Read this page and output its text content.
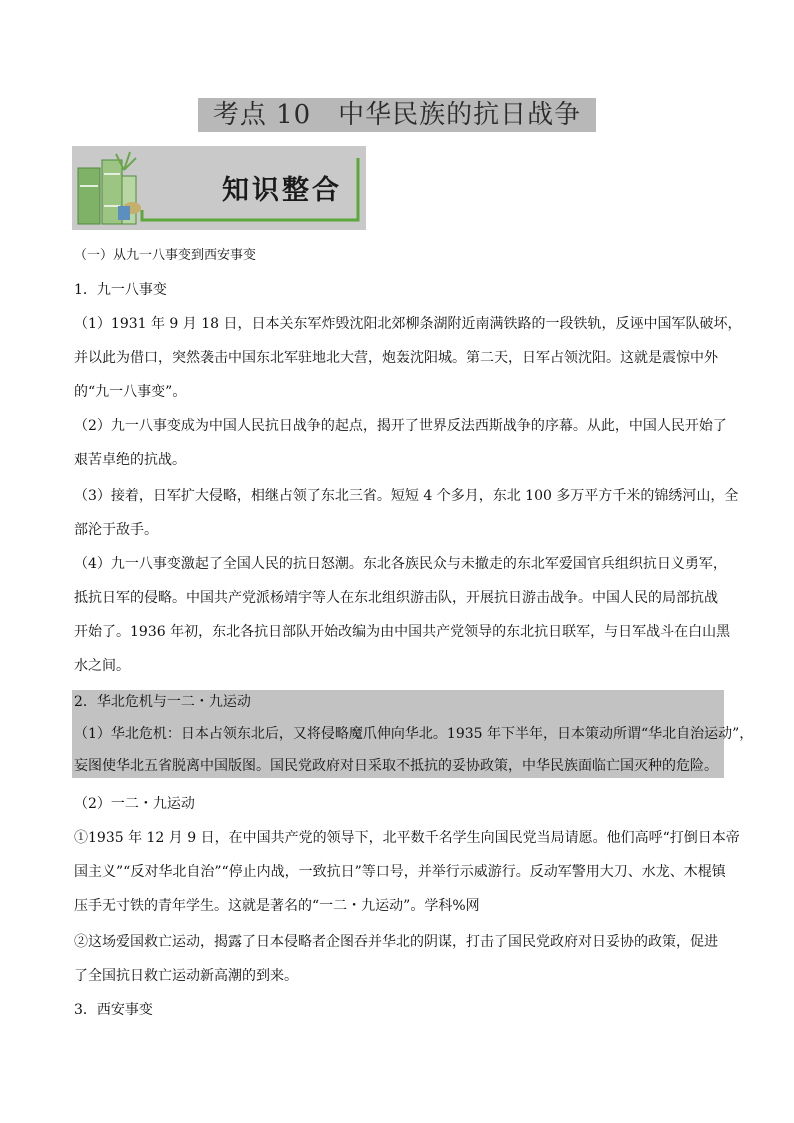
考点 10　中华民族的抗日战争
知识整合
（一）从九一八事变到西安事变
1．九一八事变
（1）1931 年 9 月 18 日，日本关东军炸毁沈阳北郊柳条湖附近南满铁路的一段铁轨，反诬中国军队破坏，
并以此为借口，突然袭击中国东北军驻地北大营，炮轰沈阳城。第二天，日军占领沈阳。这就是震惊中外
的“九一八事变”。
（2）九一八事变成为中国人民抗日战争的起点，揭开了世界反法西斯战争的序幕。从此，中国人民开始了
艰苦卓绝的抗战。
（3）接着，日军扩大侵略，相继占领了东北三省。短短 4 个多月，东北 100 多万平方千米的锦绣河山，全
部沦于敌手。
（4）九一八事变激起了全国人民的抗日怒潮。东北各族民众与未撤走的东北军爱国官兵组织抗日义勇军，
抵抗日军的侵略。中国共产党派杨靖宇等人在东北组织游击队，开展抗日游击战争。中国人民的局部抗战
开始了。1936 年初，东北各抗日部队开始改编为由中国共产党领导的东北抗日联军，与日军战斗在白山黑
水之间。
2．华北危机与一二・九运动
（1）华北危机：日本占领东北后，又将侵略魔爪伸向华北。1935 年下半年，日本策动所谓“华北自治运动”，
妄图使华北五省脱离中国版图。国民党政府对日采取不抵抗的妥协政策，中华民族面临亡国灭种的危险。
（2）一二・九运动
①1935 年 12 月 9 日，在中国共产党的领导下，北平数千名学生向国民党当局请愿。他们高呼“打倒日本帝
国主义”“反对华北自治”“停止内战，一致抗日”等口号，并举行示威游行。反动军警用大刀、水龙、木棍镇
压手无寸铁的青年学生。这就是著名的“一二・九运动”。学科%网
②这场爱国救亡运动，揭露了日本侵略者企图吞并华北的阴谋，打击了国民党政府对日妥协的政策，促进
了全国抗日救亡运动新高潮的到来。
3．西安事变
